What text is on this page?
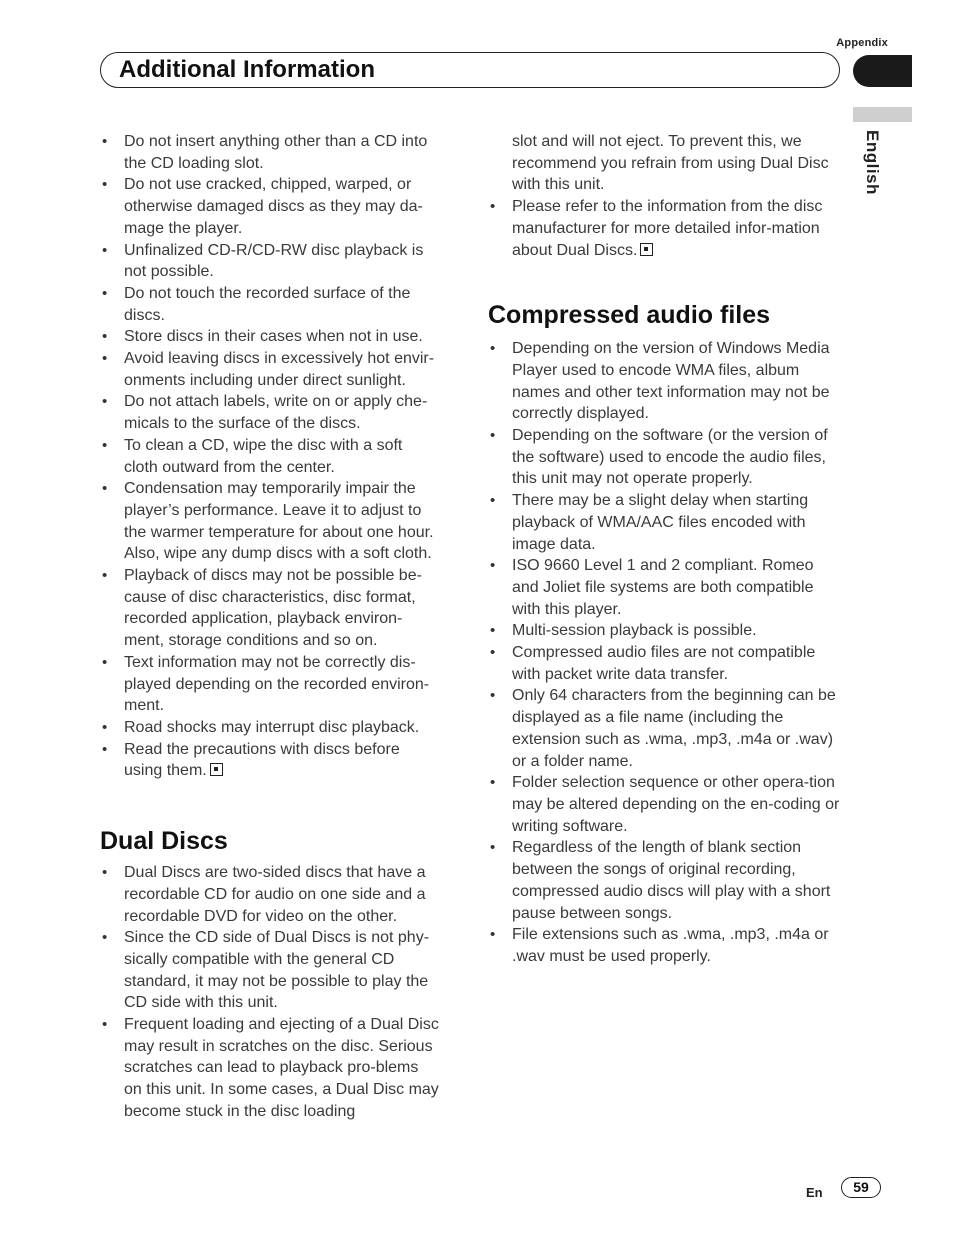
Appendix
Additional Information
English
• Do not insert anything other than a CD into the CD loading slot.
• Do not use cracked, chipped, warped, or otherwise damaged discs as they may da-mage the player.
• Unfinalized CD-R/CD-RW disc playback is not possible.
• Do not touch the recorded surface of the discs.
• Store discs in their cases when not in use.
• Avoid leaving discs in excessively hot envir-onments including under direct sunlight.
• Do not attach labels, write on or apply che-micals to the surface of the discs.
• To clean a CD, wipe the disc with a soft cloth outward from the center.
• Condensation may temporarily impair the player’s performance. Leave it to adjust to the warmer temperature for about one hour. Also, wipe any dump discs with a soft cloth.
• Playback of discs may not be possible be-cause of disc characteristics, disc format, recorded application, playback environ-ment, storage conditions and so on.
• Text information may not be correctly dis-played depending on the recorded environ-ment.
• Road shocks may interrupt disc playback.
• Read the precautions with discs before using them.
Dual Discs
• Dual Discs are two-sided discs that have a recordable CD for audio on one side and a recordable DVD for video on the other.
• Since the CD side of Dual Discs is not phy-sically compatible with the general CD standard, it may not be possible to play the CD side with this unit.
• Frequent loading and ejecting of a Dual Disc may result in scratches on the disc. Serious scratches can lead to playback pro-blems on this unit. In some cases, a Dual Disc may become stuck in the disc loading
slot and will not eject. To prevent this, we recommend you refrain from using Dual Disc with this unit.
• Please refer to the information from the disc manufacturer for more detailed infor-mation about Dual Discs.
Compressed audio files
• Depending on the version of Windows Media Player used to encode WMA files, album names and other text information may not be correctly displayed.
• Depending on the software (or the version of the software) used to encode the audio files, this unit may not operate properly.
• There may be a slight delay when starting playback of WMA/AAC files encoded with image data.
• ISO 9660 Level 1 and 2 compliant. Romeo and Joliet file systems are both compatible with this player.
• Multi-session playback is possible.
• Compressed audio files are not compatible with packet write data transfer.
• Only 64 characters from the beginning can be displayed as a file name (including the extension such as .wma, .mp3, .m4a or .wav) or a folder name.
• Folder selection sequence or other opera-tion may be altered depending on the en-coding or writing software.
• Regardless of the length of blank section between the songs of original recording, compressed audio discs will play with a short pause between songs.
• File extensions such as .wma, .mp3, .m4a or .wav must be used properly.
En	59
